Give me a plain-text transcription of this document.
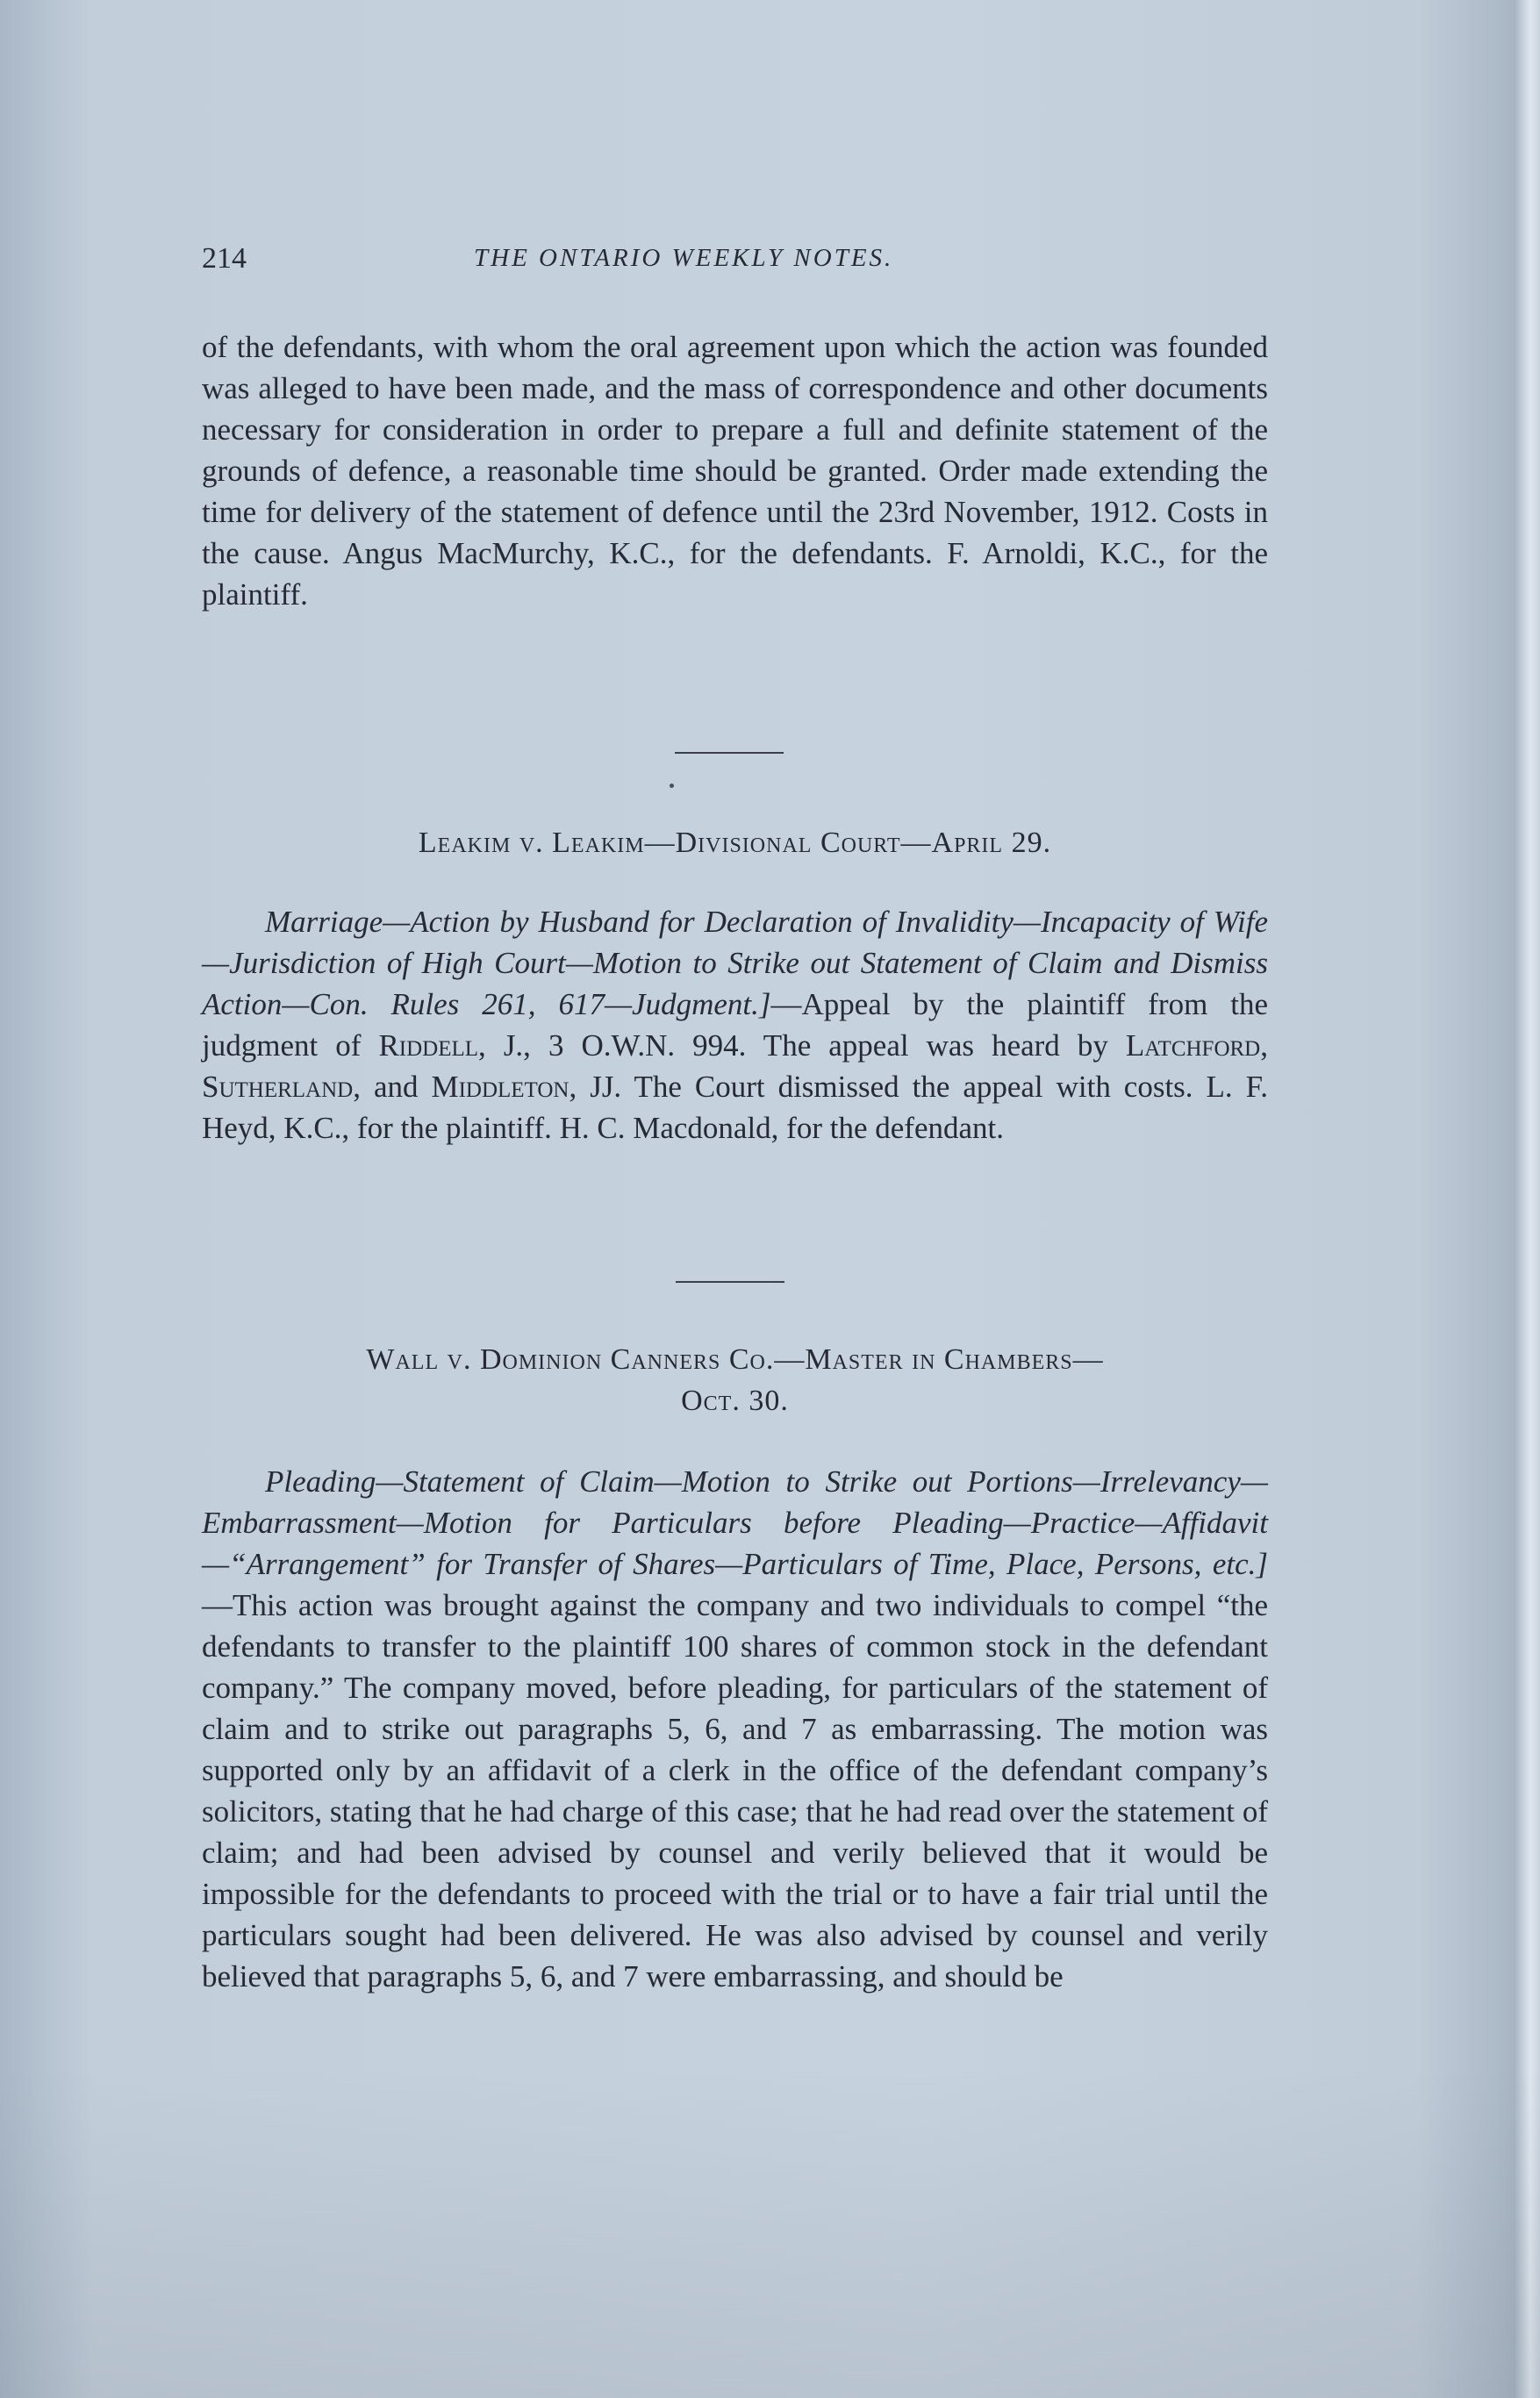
214	THE ONTARIO WEEKLY NOTES.
of the defendants, with whom the oral agreement upon which the action was founded was alleged to have been made, and the mass of correspondence and other documents necessary for consideration in order to prepare a full and definite statement of the grounds of defence, a reasonable time should be granted. Order made extending the time for delivery of the statement of defence until the 23rd November, 1912. Costs in the cause. Angus MacMurchy, K.C., for the defendants. F. Arnoldi, K.C., for the plaintiff.
Leakim v. Leakim—Divisional Court—April 29.
Marriage—Action by Husband for Declaration of Invalidity—Incapacity of Wife—Jurisdiction of High Court—Motion to Strike out Statement of Claim and Dismiss Action—Con. Rules 261, 617—Judgment.]—Appeal by the plaintiff from the judgment of Riddell, J., 3 O.W.N. 994. The appeal was heard by Latchford, Sutherland, and Middleton, JJ. The Court dismissed the appeal with costs. L. F. Heyd, K.C., for the plaintiff. H. C. Macdonald, for the defendant.
Wall v. Dominion Canners Co.—Master in Chambers—
Oct. 30.
Pleading—Statement of Claim—Motion to Strike out Portions—Irrelevancy—Embarrassment—Motion for Particulars before Pleading—Practice—Affidavit—“Arrangement” for Transfer of Shares—Particulars of Time, Place, Persons, etc.]—This action was brought against the company and two individuals to compel “the defendants to transfer to the plaintiff 100 shares of common stock in the defendant company.” The company moved, before pleading, for particulars of the statement of claim and to strike out paragraphs 5, 6, and 7 as embarrassing. The motion was supported only by an affidavit of a clerk in the office of the defendant company’s solicitors, stating that he had charge of this case; that he had read over the statement of claim; and had been advised by counsel and verily believed that it would be impossible for the defendants to proceed with the trial or to have a fair trial until the particulars sought had been delivered. He was also advised by counsel and verily believed that paragraphs 5, 6, and 7 were embarrassing, and should be
